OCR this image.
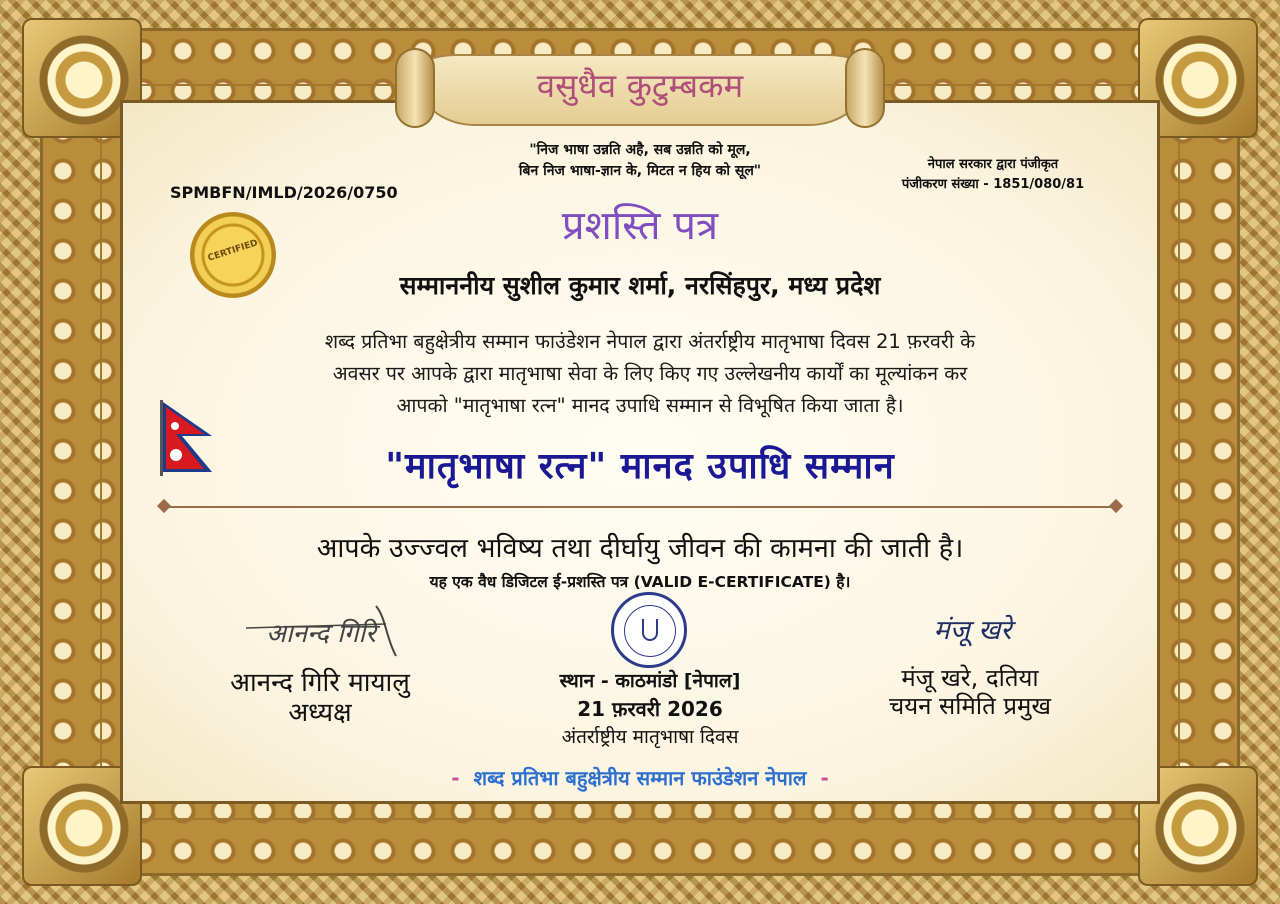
वसुधैव कुटुम्बकम
"निज भाषा उन्नति अहै, सब उन्नति को मूल,
बिन निज भाषा-ज्ञान के, मिटत न हिय को सूल"	नेपाल सरकार द्वारा पंजीकृत
पंजीकरण संख्या - 1851/080/81
SPMBFN/IMLD/2026/0750
CERTIFIED
प्रशस्ति पत्र
सम्माननीय सुशील कुमार शर्मा, नरसिंहपुर, मध्य प्रदेश
शब्द प्रतिभा बहुक्षेत्रीय सम्मान फाउंडेशन नेपाल द्वारा अंतर्राष्ट्रीय मातृभाषा दिवस 21 फ़रवरी के
अवसर पर आपके द्वारा मातृभाषा सेवा के लिए किए गए उल्लेखनीय कार्यों का मूल्यांकन कर
आपको "मातृभाषा रत्न" मानद उपाधि सम्मान से विभूषित किया जाता है।
"मातृभाषा रत्न" मानद उपाधि सम्मान
आपके उज्ज्वल भविष्य तथा दीर्घायु जीवन की कामना की जाती है।
यह एक वैध डिजिटल ई-प्रशस्ति पत्र (VALID E-CERTIFICATE) है।
आनन्द गिरि	मंजू खरे
आनन्द गिरि मायालु
अध्यक्ष
स्थान - काठमांडो [नेपाल]
21 फ़रवरी 2026
अंतर्राष्ट्रीय मातृभाषा दिवस
मंजू खरे, दतिया
चयन समिति प्रमुख
- शब्द प्रतिभा बहुक्षेत्रीय सम्मान फाउंडेशन नेपाल -
